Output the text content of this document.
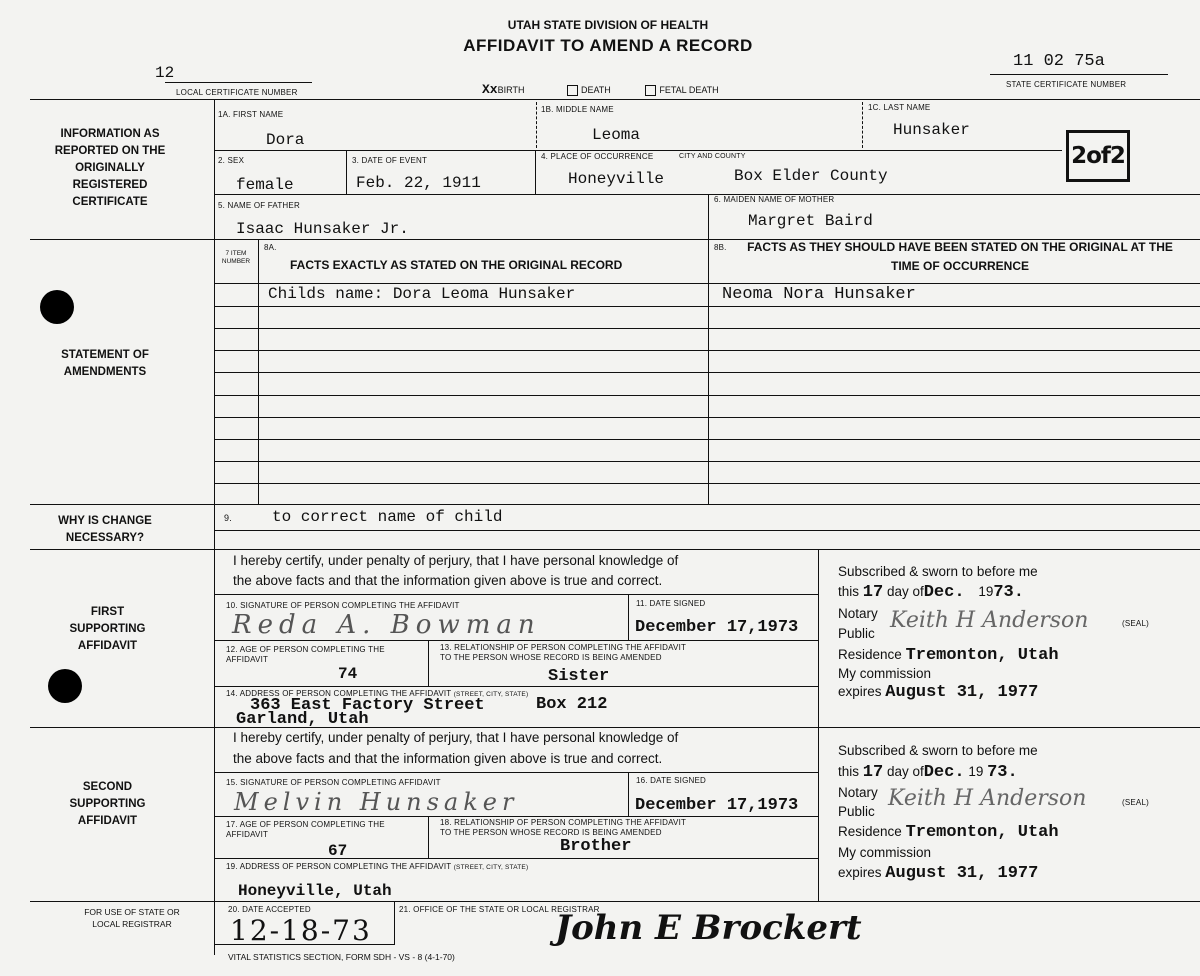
UTAH STATE DIVISION OF HEALTH
AFFIDAVIT TO AMEND A RECORD
12
LOCAL CERTIFICATE NUMBER
11 02 75a
STATE CERTIFICATE NUMBER
XxBIRTH	DEATH	FETAL DEATH
INFORMATION AS REPORTED ON THE ORIGINALLY REGISTERED CERTIFICATE
STATEMENT OF AMENDMENTS
WHY IS CHANGE NECESSARY?
FIRST SUPPORTING AFFIDAVIT
SECOND SUPPORTING AFFIDAVIT
FOR USE OF STATE OR LOCAL REGISTRAR
1A. FIRST NAME
Dora
1B. MIDDLE NAME
Leoma
1C. LAST NAME
Hunsaker
2. SEX
female
3. DATE OF EVENT
Feb. 22, 1911
4. PLACE OF OCCURRENCE	CITY AND COUNTY
Honeyville	Box Elder County
2of2
5. NAME OF FATHER
Isaac Hunsaker Jr.
6. MAIDEN NAME OF MOTHER
Margret Baird
7 ITEM NUMBER
8A.
FACTS EXACTLY AS STATED ON THE ORIGINAL RECORD
8B.	FACTS AS THEY SHOULD HAVE BEEN STATED ON THE ORIGINAL AT THE TIME OF OCCURRENCE
Childs name: Dora Leoma Hunsaker	Neoma Nora Hunsaker
9.	to correct name of child
I hereby certify, under penalty of perjury, that I have personal knowledge of
the above facts and that the information given above is true and correct.
10. SIGNATURE OF PERSON COMPLETING THE AFFIDAVIT
Reda A. Bowman
11. DATE SIGNED
December 17,1973
12. AGE OF PERSON COMPLETING THE AFFIDAVIT
74
13. RELATIONSHIP OF PERSON COMPLETING THE AFFIDAVIT TO THE PERSON WHOSE RECORD IS BEING AMENDED
Sister
14. ADDRESS OF PERSON COMPLETING THE AFFIDAVIT (STREET, CITY, STATE)
363 East Factory Street	Box 212
Garland, Utah
Subscribed & sworn to before me
this 17 day ofDec. 1973.
Notary
Public
Keith H Anderson	(SEAL)
Residence Tremonton, Utah
My commission
expires August 31, 1977
I hereby certify, under penalty of perjury, that I have personal knowledge of
the above facts and that the information given above is true and correct.
15. SIGNATURE OF PERSON COMPLETING AFFIDAVIT
Melvin Hunsaker
16. DATE SIGNED
December 17,1973
17. AGE OF PERSON COMPLETING THE AFFIDAVIT
67
18. RELATIONSHIP OF PERSON COMPLETING THE AFFIDAVIT TO THE PERSON WHOSE RECORD IS BEING AMENDED
Brother
19. ADDRESS OF PERSON COMPLETING THE AFFIDAVIT (STREET, CITY, STATE)
Honeyville, Utah
Subscribed & sworn to before me
this 17 day ofDec. 19 73.
Notary
Public
Keith H Anderson	(SEAL)
Residence Tremonton, Utah
My commission
expires August 31, 1977
20. DATE ACCEPTED
12-18-73
21. OFFICE OF THE STATE OR LOCAL REGISTRAR
John E Brockert
VITAL STATISTICS SECTION, FORM SDH - VS - 8 (4-1-70)
